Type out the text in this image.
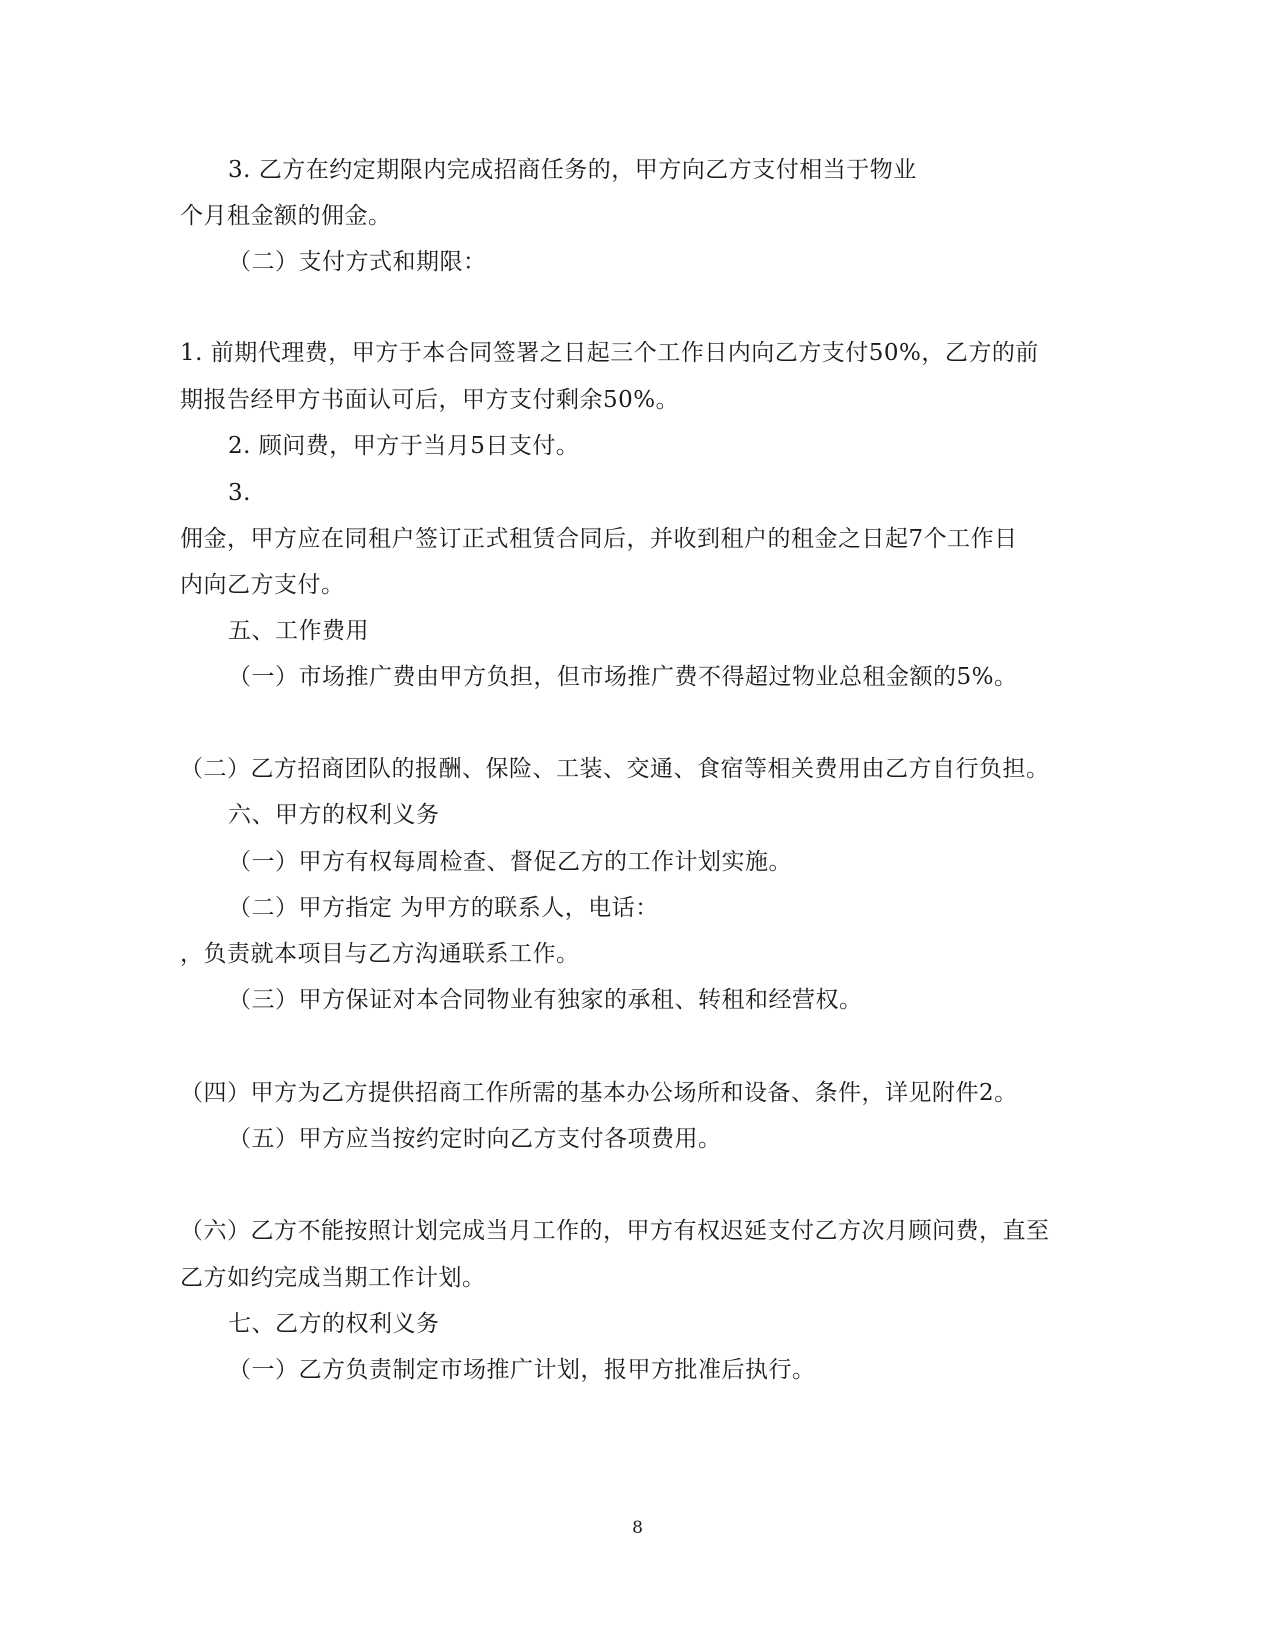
3. 乙方在约定期限内完成招商任务的，甲方向乙方支付相当于物业
个月租金额的佣金。
（二）支付方式和期限：
1. 前期代理费，甲方于本合同签署之日起三个工作日内向乙方支付50%，乙方的前
期报告经甲方书面认可后，甲方支付剩余50%。
2. 顾问费，甲方于当月5日支付。
3.
佣金，甲方应在同租户签订正式租赁合同后，并收到租户的租金之日起7个工作日
内向乙方支付。
五、工作费用
（一）市场推广费由甲方负担，但市场推广费不得超过物业总租金额的5%。
（二）乙方招商团队的报酬、保险、工装、交通、食宿等相关费用由乙方自行负担。
六、甲方的权利义务
（一）甲方有权每周检查、督促乙方的工作计划实施。
（二）甲方指定 为甲方的联系人，电话：
，负责就本项目与乙方沟通联系工作。
（三）甲方保证对本合同物业有独家的承租、转租和经营权。
（四）甲方为乙方提供招商工作所需的基本办公场所和设备、条件，详见附件2。
（五）甲方应当按约定时向乙方支付各项费用。
（六）乙方不能按照计划完成当月工作的，甲方有权迟延支付乙方次月顾问费，直至
乙方如约完成当期工作计划。
七、乙方的权利义务
（一）乙方负责制定市场推广计划，报甲方批准后执行。
8
